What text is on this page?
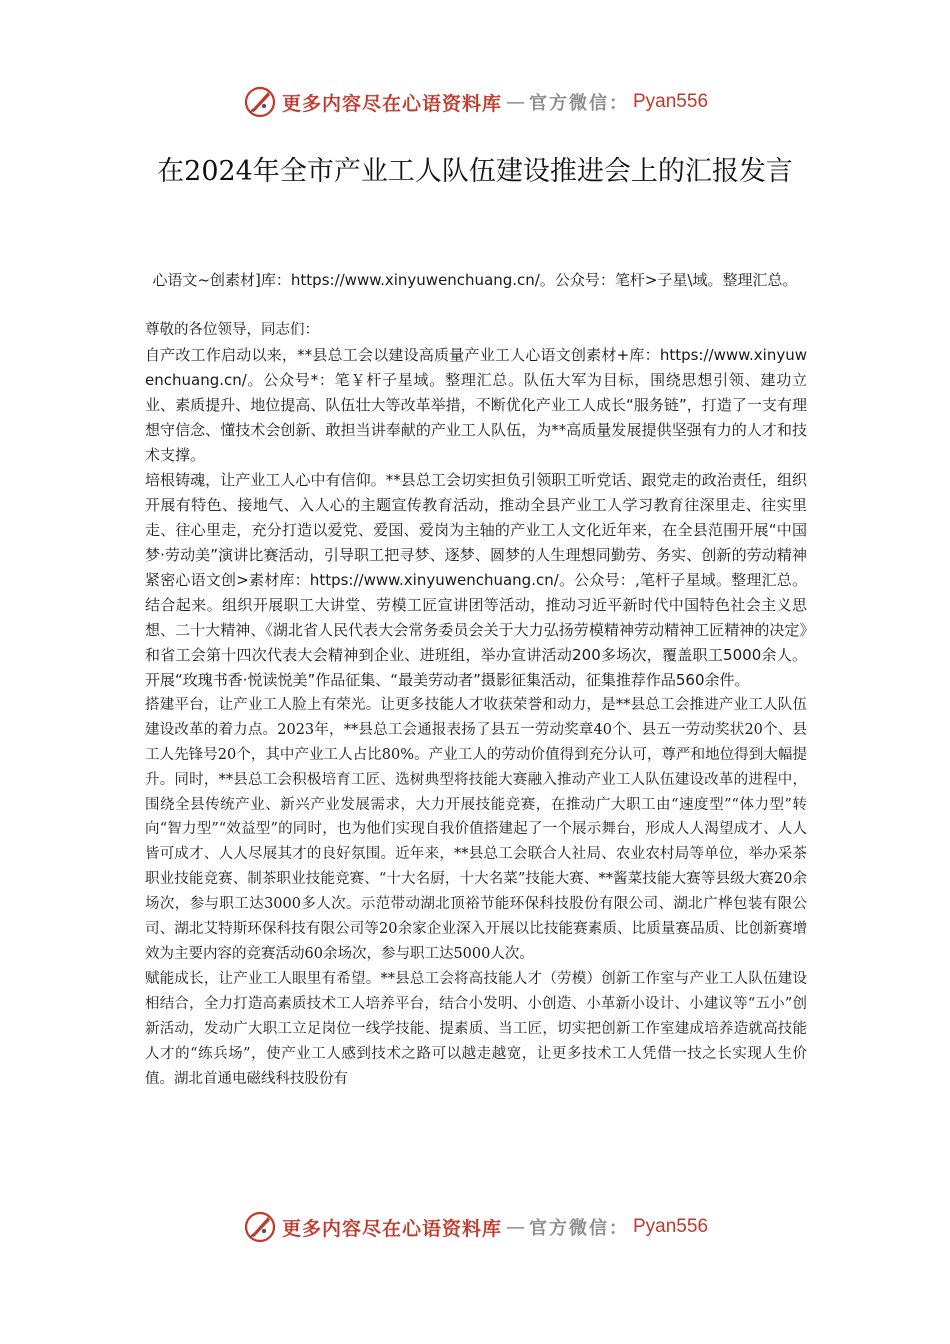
更多内容尽在心语资料库 — 官方微信： Pyan556
在2024年全市产业工人队伍建设推进会上的汇报发言
心语文~创素材]库：https://www.xinyuwenchuang.cn/。公众号：笔杆>子星\域。整理汇总。

尊敬的各位领导，同志们：

自产改工作启动以来，**县总工会以建设高质量产业工人心语文创素材+库：https://www.xinyuwenchuang.cn/。公众号*：笔￥杆子星域。整理汇总。队伍大军为目标，围绕思想引领、建功立业、素质提升、地位提高、队伍壮大等改革举措，不断优化产业工人成长“服务链”，打造了一支有理想守信念、懂技术会创新、敢担当讲奉献的产业工人队伍，为**高质量发展提供坚强有力的人才和技术支撑。

培根铸魂，让产业工人心中有信仰。**县总工会切实担负引领职工听党话、跟党走的政治责任，组织开展有特色、接地气、入人心的主题宣传教育活动，推动全县产业工人学习教育往深里走、往实里走、往心里走，充分打造以爱党、爱国、爱岗为主轴的产业工人文化近年来，在全县范围开展“中国梦·劳动美”演讲比赛活动，引导职工把寻梦、逐梦、圆梦的人生理想同勤劳、务实、创新的劳动精神紧密心语文创>素材库：https://www.xinyuwenchuang.cn/。公众号：,笔杆子星域。整理汇总。结合起来。组织开展职工大讲堂、劳模工匠宣讲团等活动，推动习近平新时代中国特色社会主义思想、二十大精神、《湖北省人民代表大会常务委员会关于大力弘扬劳模精神劳动精神工匠精神的决定》和省工会第十四次代表大会精神到企业、进班组，举办宣讲活动200多场次，覆盖职工5000余人。开展“玫瑰书香·悦读悦美”作品征集、“最美劳动者”摄影征集活动，征集推荐作品560余件。

搭建平台，让产业工人脸上有荣光。让更多技能人才收获荣誉和动力，是**县总工会推进产业工人队伍建设改革的着力点。2023年，**县总工会通报表扬了县五一劳动奖章40个、县五一劳动奖状20个、县工人先锋号20个，其中产业工人占比80%。产业工人的劳动价值得到充分认可，尊严和地位得到大幅提升。同时，**县总工会积极培育工匠、选树典型将技能大赛融入推动产业工人队伍建设改革的进程中，围绕全县传统产业、新兴产业发展需求，大力开展技能竞赛，在推动广大职工由“速度型”“体力型”转向“智力型”“效益型”的同时，也为他们实现自我价值搭建起了一个展示舞台，形成人人渴望成才、人人皆可成才、人人尽展其才的良好氛围。近年来，**县总工会联合人社局、农业农村局等单位，举办采茶职业技能竞赛、制茶职业技能竞赛、“十大名厨，十大名菜”技能大赛、**酱菜技能大赛等县级大赛20余场次，参与职工达3000多人次。示范带动湖北顶裕节能环保科技股份有限公司、湖北广桦包装有限公司、湖北艾特斯环保科技有限公司等20余家企业深入开展以比技能赛素质、比质量赛品质、比创新赛增效为主要内容的竞赛活动60余场次，参与职工达5000人次。

赋能成长，让产业工人眼里有希望。**县总工会将高技能人才（劳模）创新工作室与产业工人队伍建设相结合，全力打造高素质技术工人培养平台，结合小发明、小创造、小革新小设计、小建议等“五小”创新活动，发动广大职工立足岗位一线学技能、提素质、当工匠，切实把创新工作室建成培养造就高技能人才的“练兵场”，使产业工人感到技术之路可以越走越宽，让更多技术工人凭借一技之长实现人生价值。湖北首通电磁线科技股份有

更多内容尽在心语资料库 — 官方微信： Pyan556
